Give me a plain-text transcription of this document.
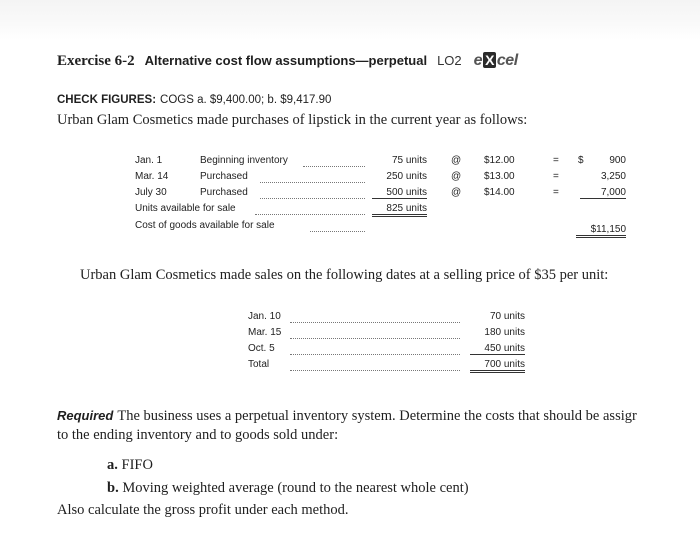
Exercise 6-2 Alternative cost flow assumptions—perpetual LO2 e X cel
CHECK FIGURES: COGS a. $9,400.00; b. $9,417.90
Urban Glam Cosmetics made purchases of lipstick in the current year as follows:
Jan. 1	Beginning inventory	75 units @ $12.00	= $	900
Mar. 14	Purchased	250 units @ $13.00	=	3,250
July 30	Purchased	500 units @ $14.00	=	7,000
Units available for sale	825 units
Cost of goods available for sale	$11,150
Urban Glam Cosmetics made sales on the following dates at a selling price of $35 per unit:
Jan. 10	70 units
Mar. 15	180 units
Oct. 5	450 units
Total	700 units
Required The business uses a perpetual inventory system. Determine the costs that should be assigr
to the ending inventory and to goods sold under:
a. FIFO
b. Moving weighted average (round to the nearest whole cent)
Also calculate the gross profit under each method.
